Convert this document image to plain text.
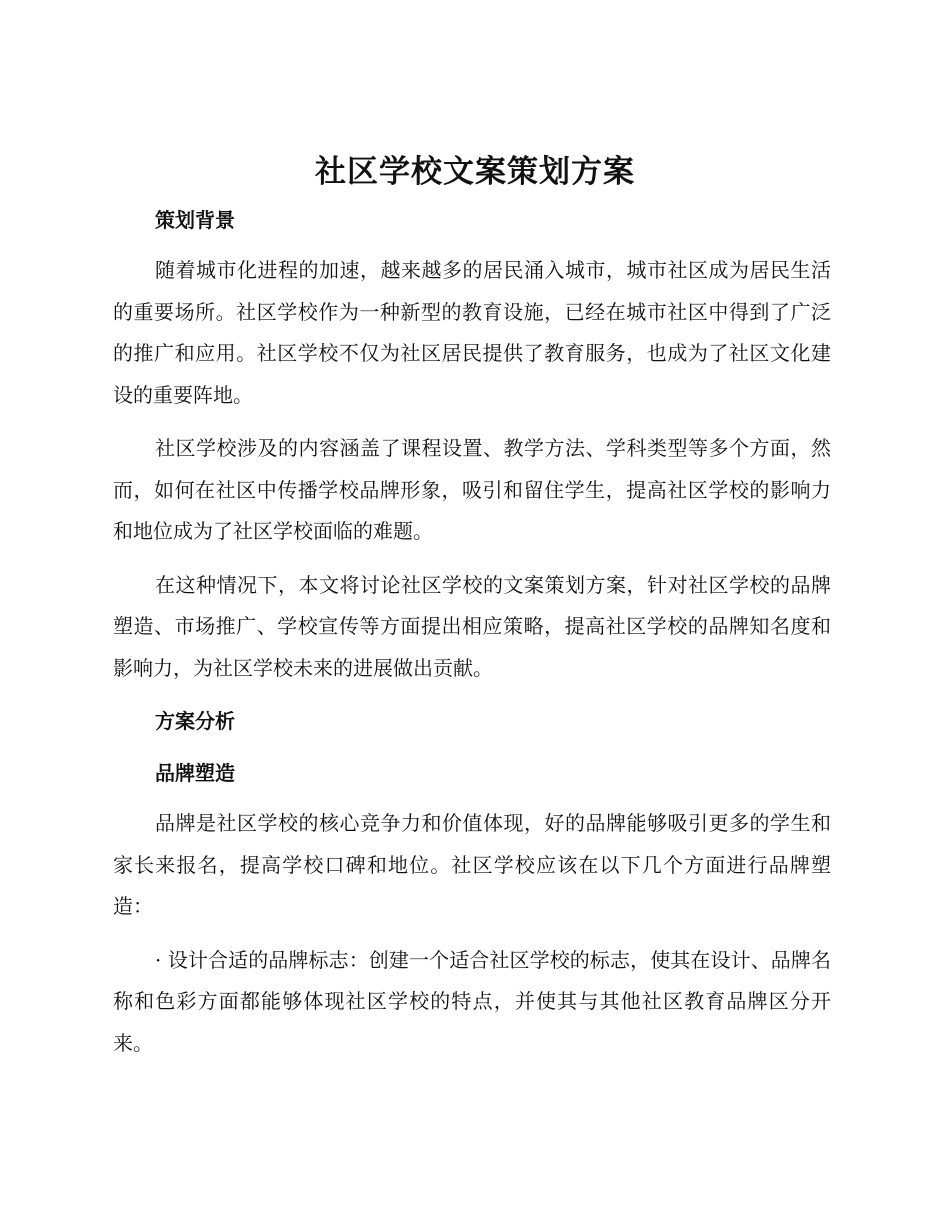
社区学校文案策划方案
策划背景

随着城市化进程的加速，越来越多的居民涌入城市，城市社区成为居民生活的重要场所。社区学校作为一种新型的教育设施，已经在城市社区中得到了广泛的推广和应用。社区学校不仅为社区居民提供了教育服务，也成为了社区文化建设的重要阵地。

社区学校涉及的内容涵盖了课程设置、教学方法、学科类型等多个方面，然而，如何在社区中传播学校品牌形象，吸引和留住学生，提高社区学校的影响力和地位成为了社区学校面临的难题。

在这种情况下，本文将讨论社区学校的文案策划方案，针对社区学校的品牌塑造、市场推广、学校宣传等方面提出相应策略，提高社区学校的品牌知名度和影响力，为社区学校未来的进展做出贡献。

方案分析
品牌塑造

品牌是社区学校的核心竞争力和价值体现，好的品牌能够吸引更多的学生和家长来报名，提高学校口碑和地位。社区学校应该在以下几个方面进行品牌塑造：

· 设计合适的品牌标志：创建一个适合社区学校的标志，使其在设计、品牌名称和色彩方面都能够体现社区学校的特点，并使其与其他社区教育品牌区分开来。
